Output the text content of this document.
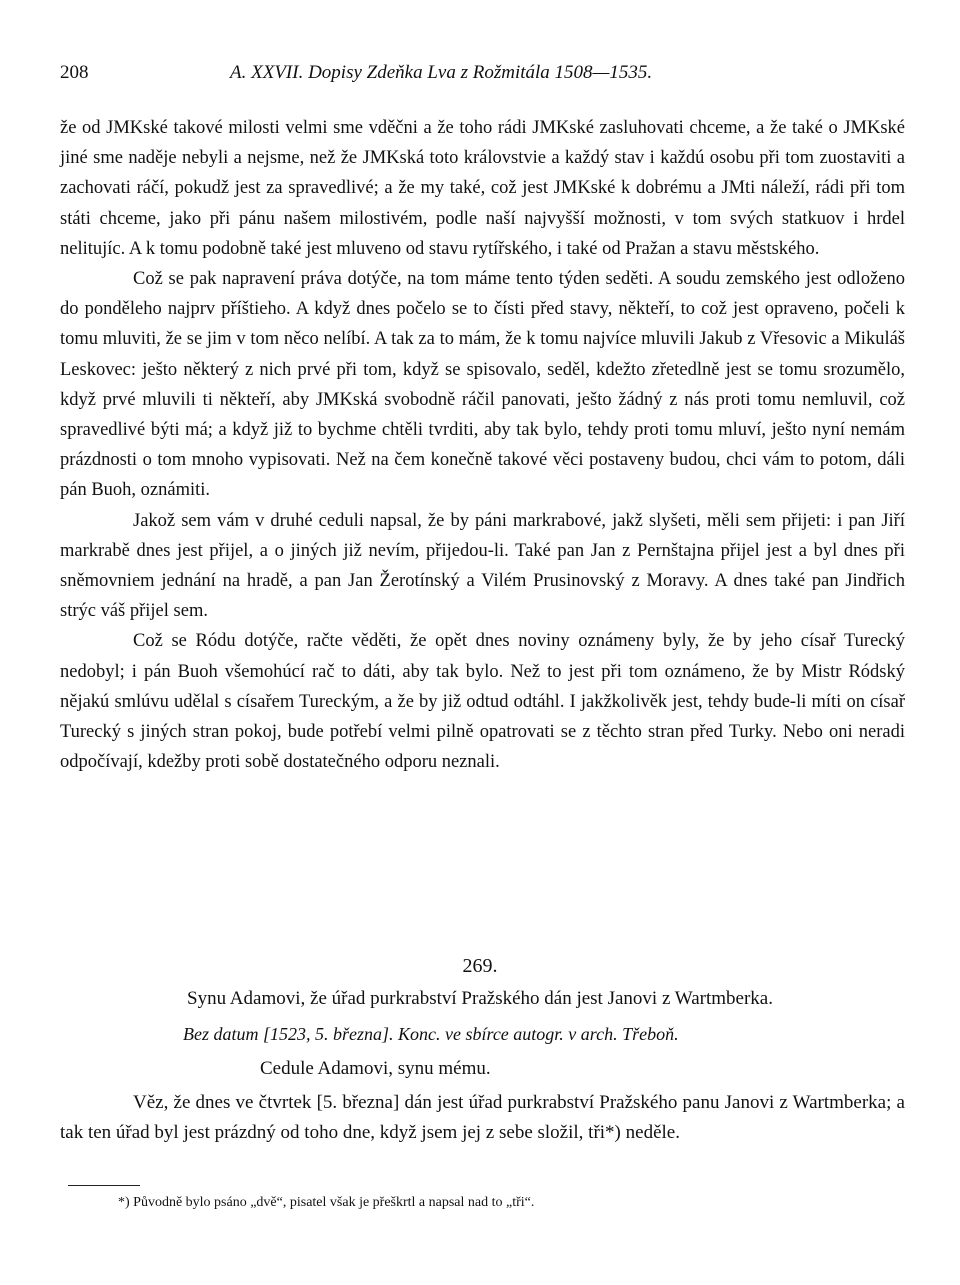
208	A. XXVII. Dopisy Zdeňka Lva z Rožmitála 1508—1535.

že od JMKské takové milosti velmi sme vděčni a že toho rádi JMKské zasluhovati chceme, a že také o JMKské jiné sme naděje nebyli a nejsme, než že JMKská toto královstvie a každý stav i každú osobu při tom zuostaviti a zachovati ráčí, pokudž jest za spravedlivé; a že my také, což jest JMKské k dobrému a JMti náleží, rádi při tom státi chceme, jako při pánu našem milostivém, podle naší najvyšší možnosti, v tom svých statkuov i hrdel nelitujíc. A k tomu podobně také jest mluveno od stavu rytířského, i také od Pražan a stavu městského.

Což se pak napravení práva dotýče, na tom máme tento týden seděti. A soudu zemského jest odloženo do ponděleho najprv příštieho. A když dnes počelo se to čísti před stavy, někteří, to což jest opraveno, počeli k tomu mluviti, že se jim v tom něco nelíbí. A tak za to mám, že k tomu najvíce mluvili Jakub z Vřesovic a Mikuláš Leskovec: ješto některý z nich prvé při tom, když se spisovalo, seděl, kdežto zřetedlně jest se tomu srozumělo, když prvé mluvili ti někteří, aby JMKská svobodně ráčil panovati, ješto žádný z nás proti tomu nemluvil, což spravedlivé býti má; a když již to bychme chtěli tvrditi, aby tak bylo, tehdy proti tomu mluví, ješto nyní nemám prázdnosti o tom mnoho vypisovati. Než na čem konečně takové věci postaveny budou, chci vám to potom, dáli pán Buoh, oznámiti.

Jakož sem vám v druhé ceduli napsal, že by páni markrabové, jakž slyšeti, měli sem přijeti: i pan Jiří markrabě dnes jest přijel, a o jiných již nevím, přijedou-li. Také pan Jan z Pernštajna přijel jest a byl dnes při sněmovniem jednání na hradě, a pan Jan Žerotínský a Vilém Prusinovský z Moravy. A dnes také pan Jindřich strýc váš přijel sem.

Což se Ródu dotýče, račte věděti, že opět dnes noviny oznámeny byly, že by jeho císař Turecký nedobyl; i pán Buoh všemohúcí rač to dáti, aby tak bylo. Než to jest při tom oznámeno, že by Mistr Ródský nějakú smlúvu udělal s císařem Tureckým, a že by již odtud odtáhl. I jakžkolivěk jest, tehdy bude-li míti on císař Turecký s jiných stran pokoj, bude potřebí velmi pilně opatrovati se z těchto stran před Turky. Nebo oni neradi odpočívají, kdežby proti sobě dostatečného odporu neznali.

269.
Synu Adamovi, že úřad purkrabství Pražského dán jest Janovi z Wartmberka.
Bez datum [1523, 5. března]. Konc. ve sbírce autogr. v arch. Třeboň.
Cedule Adamovi, synu mému.

Věz, že dnes ve čtvrtek [5. března] dán jest úřad purkrabství Pražského panu Janovi z Wartmberka; a tak ten úřad byl jest prázdný od toho dne, když jsem jej z sebe složil, tři*) neděle.

*) Původně bylo psáno „dvě“, pisatel však je přeškrtl a napsal nad to „tři“.
